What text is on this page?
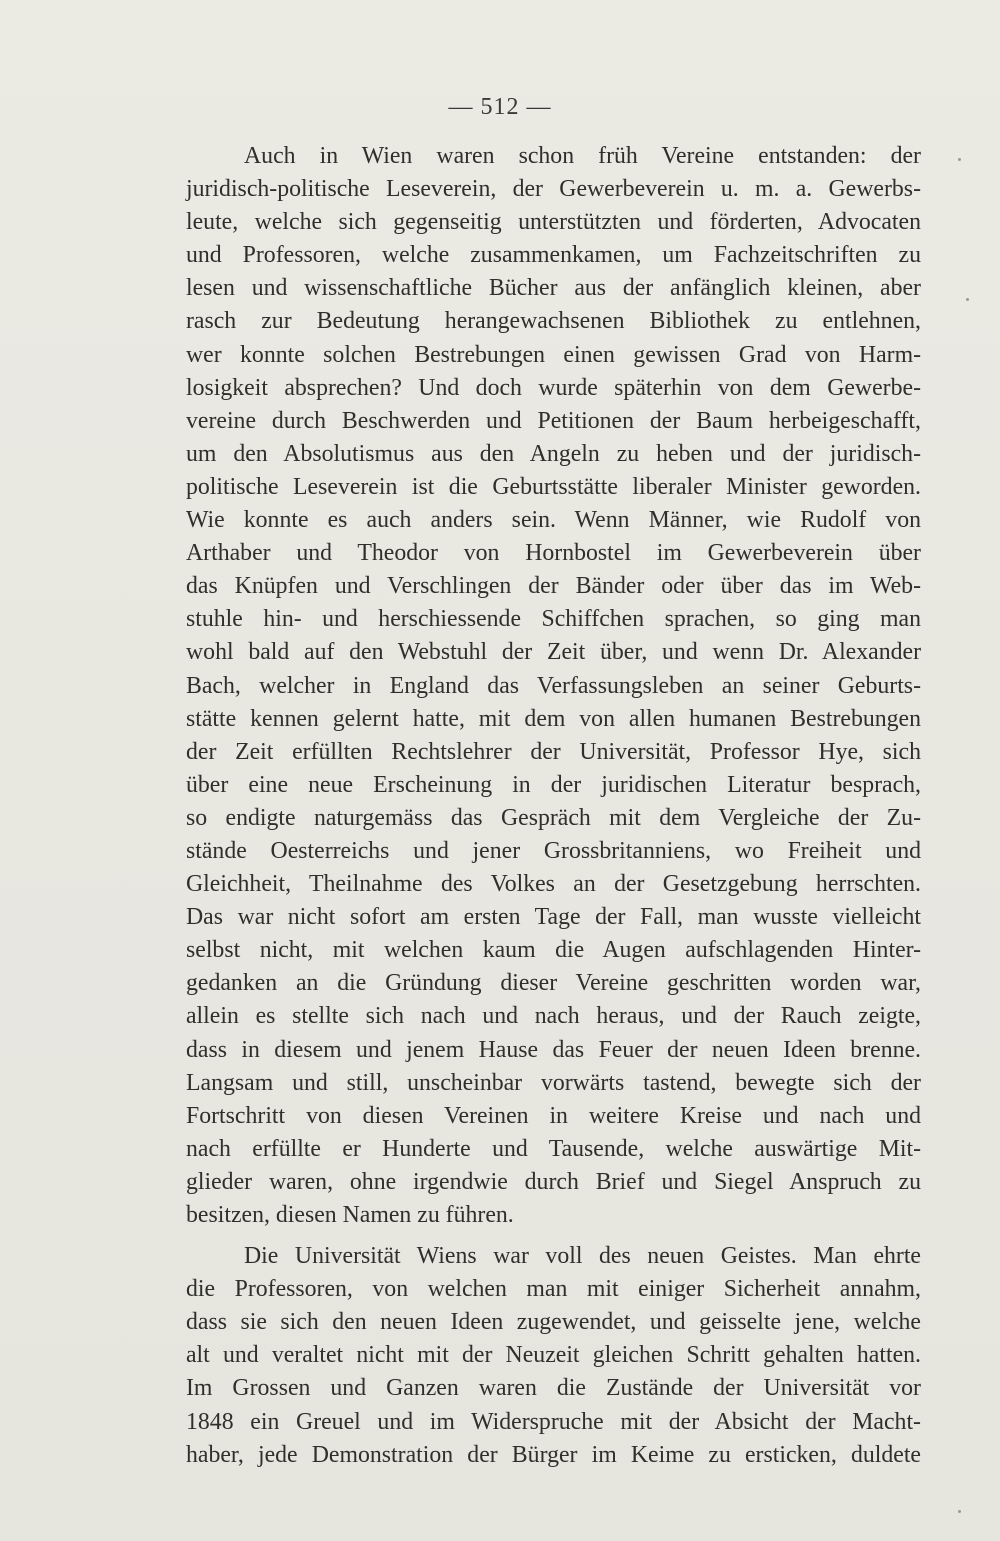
— 512 —
Auch in Wien waren schon früh Vereine entstanden: der
juridisch-politische Leseverein, der Gewerbeverein u. m. a. Gewerbs-
leute, welche sich gegenseitig unterstützten und förderten, Advocaten
und Professoren, welche zusammenkamen, um Fachzeitschriften zu
lesen und wissenschaftliche Bücher aus der anfänglich kleinen, aber
rasch zur Bedeutung herangewachsenen Bibliothek zu entlehnen,
wer konnte solchen Bestrebungen einen gewissen Grad von Harm-
losigkeit absprechen? Und doch wurde späterhin von dem Gewerbe-
vereine durch Beschwerden und Petitionen der Baum herbeigeschafft,
um den Absolutismus aus den Angeln zu heben und der juridisch-
politische Leseverein ist die Geburtsstätte liberaler Minister geworden.
Wie konnte es auch anders sein. Wenn Männer, wie Rudolf von
Arthaber und Theodor von Hornbostel im Gewerbeverein über
das Knüpfen und Verschlingen der Bänder oder über das im Web-
stuhle hin- und herschiessende Schiffchen sprachen, so ging man
wohl bald auf den Webstuhl der Zeit über, und wenn Dr. Alexander
Bach, welcher in England das Verfassungsleben an seiner Geburts-
stätte kennen gelernt hatte, mit dem von allen humanen Bestrebungen
der Zeit erfüllten Rechtslehrer der Universität, Professor Hye, sich
über eine neue Erscheinung in der juridischen Literatur besprach,
so endigte naturgemäss das Gespräch mit dem Vergleiche der Zu-
stände Oesterreichs und jener Grossbritanniens, wo Freiheit und
Gleichheit, Theilnahme des Volkes an der Gesetzgebung herrschten.
Das war nicht sofort am ersten Tage der Fall, man wusste vielleicht
selbst nicht, mit welchen kaum die Augen aufschlagenden Hinter-
gedanken an die Gründung dieser Vereine geschritten worden war,
allein es stellte sich nach und nach heraus, und der Rauch zeigte,
dass in diesem und jenem Hause das Feuer der neuen Ideen brenne.
Langsam und still, unscheinbar vorwärts tastend, bewegte sich der
Fortschritt von diesen Vereinen in weitere Kreise und nach und
nach erfüllte er Hunderte und Tausende, welche auswärtige Mit-
glieder waren, ohne irgendwie durch Brief und Siegel Anspruch zu
besitzen, diesen Namen zu führen.
Die Universität Wiens war voll des neuen Geistes. Man ehrte
die Professoren, von welchen man mit einiger Sicherheit annahm,
dass sie sich den neuen Ideen zugewendet, und geisselte jene, welche
alt und veraltet nicht mit der Neuzeit gleichen Schritt gehalten hatten.
Im Grossen und Ganzen waren die Zustände der Universität vor
1848 ein Greuel und im Widerspruche mit der Absicht der Macht-
haber, jede Demonstration der Bürger im Keime zu ersticken, duldete
